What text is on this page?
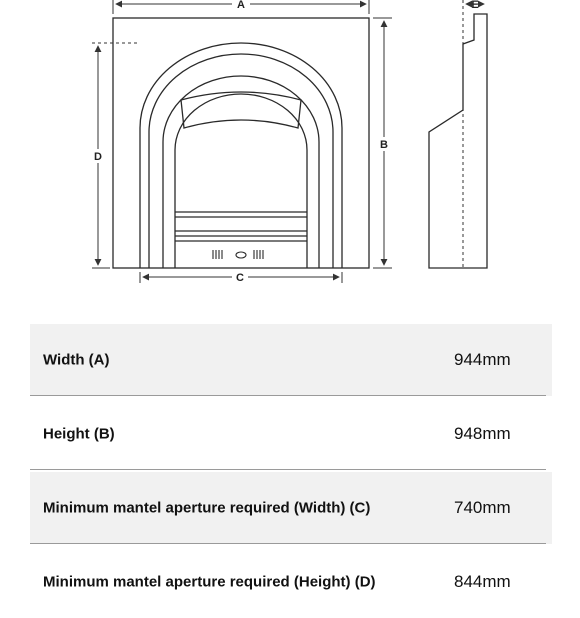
A
B
C
D
E
Width (A)	944mm
Height (B)	948mm
Minimum mantel aperture required (Width) (C)	740mm
Minimum mantel aperture required (Height) (D)	844mm
